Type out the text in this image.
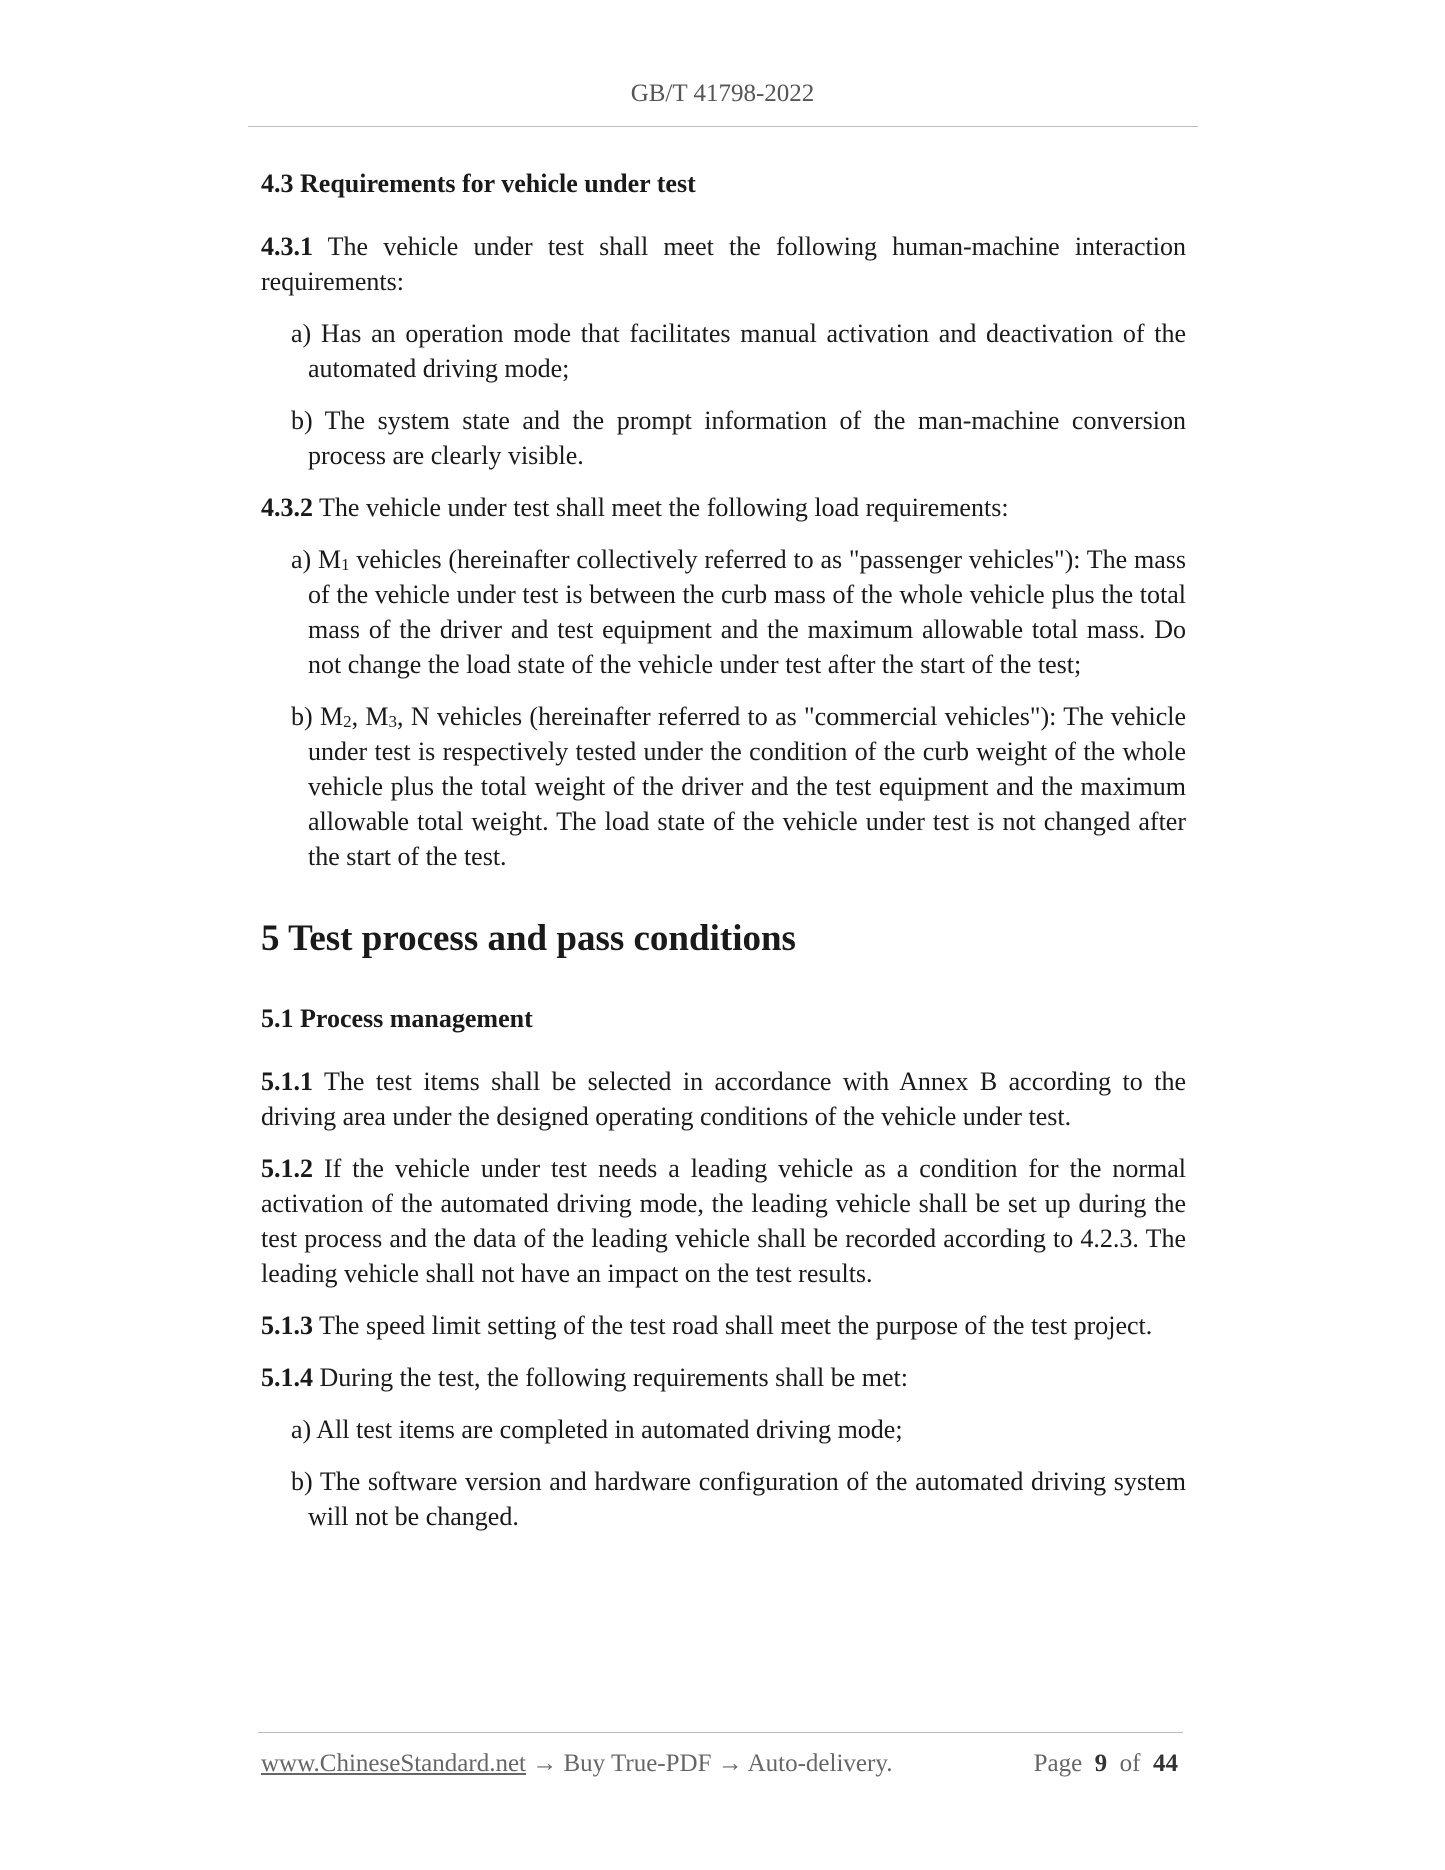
GB/T 41798-2022
4.3 Requirements for vehicle under test
4.3.1 The vehicle under test shall meet the following human-machine interaction requirements:
a) Has an operation mode that facilitates manual activation and deactivation of the automated driving mode;
b) The system state and the prompt information of the man-machine conversion process are clearly visible.
4.3.2 The vehicle under test shall meet the following load requirements:
a) $M_1$ vehicles (hereinafter collectively referred to as "passenger vehicles"): The mass of the vehicle under test is between the curb mass of the whole vehicle plus the total mass of the driver and test equipment and the maximum allowable total mass. Do not change the load state of the vehicle under test after the start of the test;
b) $M_2$, $M_3$, N vehicles (hereinafter referred to as "commercial vehicles"): The vehicle under test is respectively tested under the condition of the curb weight of the whole vehicle plus the total weight of the driver and the test equipment and the maximum allowable total weight. The load state of the vehicle under test is not changed after the start of the test.
5 Test process and pass conditions
5.1 Process management
5.1.1 The test items shall be selected in accordance with Annex B according to the driving area under the designed operating conditions of the vehicle under test.
5.1.2 If the vehicle under test needs a leading vehicle as a condition for the normal activation of the automated driving mode, the leading vehicle shall be set up during the test process and the data of the leading vehicle shall be recorded according to 4.2.3. The leading vehicle shall not have an impact on the test results.
5.1.3 The speed limit setting of the test road shall meet the purpose of the test project.
5.1.4 During the test, the following requirements shall be met:
a) All test items are completed in automated driving mode;
b) The software version and hardware configuration of the automated driving system will not be changed.
www.ChineseStandard.net → Buy True-PDF → Auto-delivery.	Page 9 of 44
